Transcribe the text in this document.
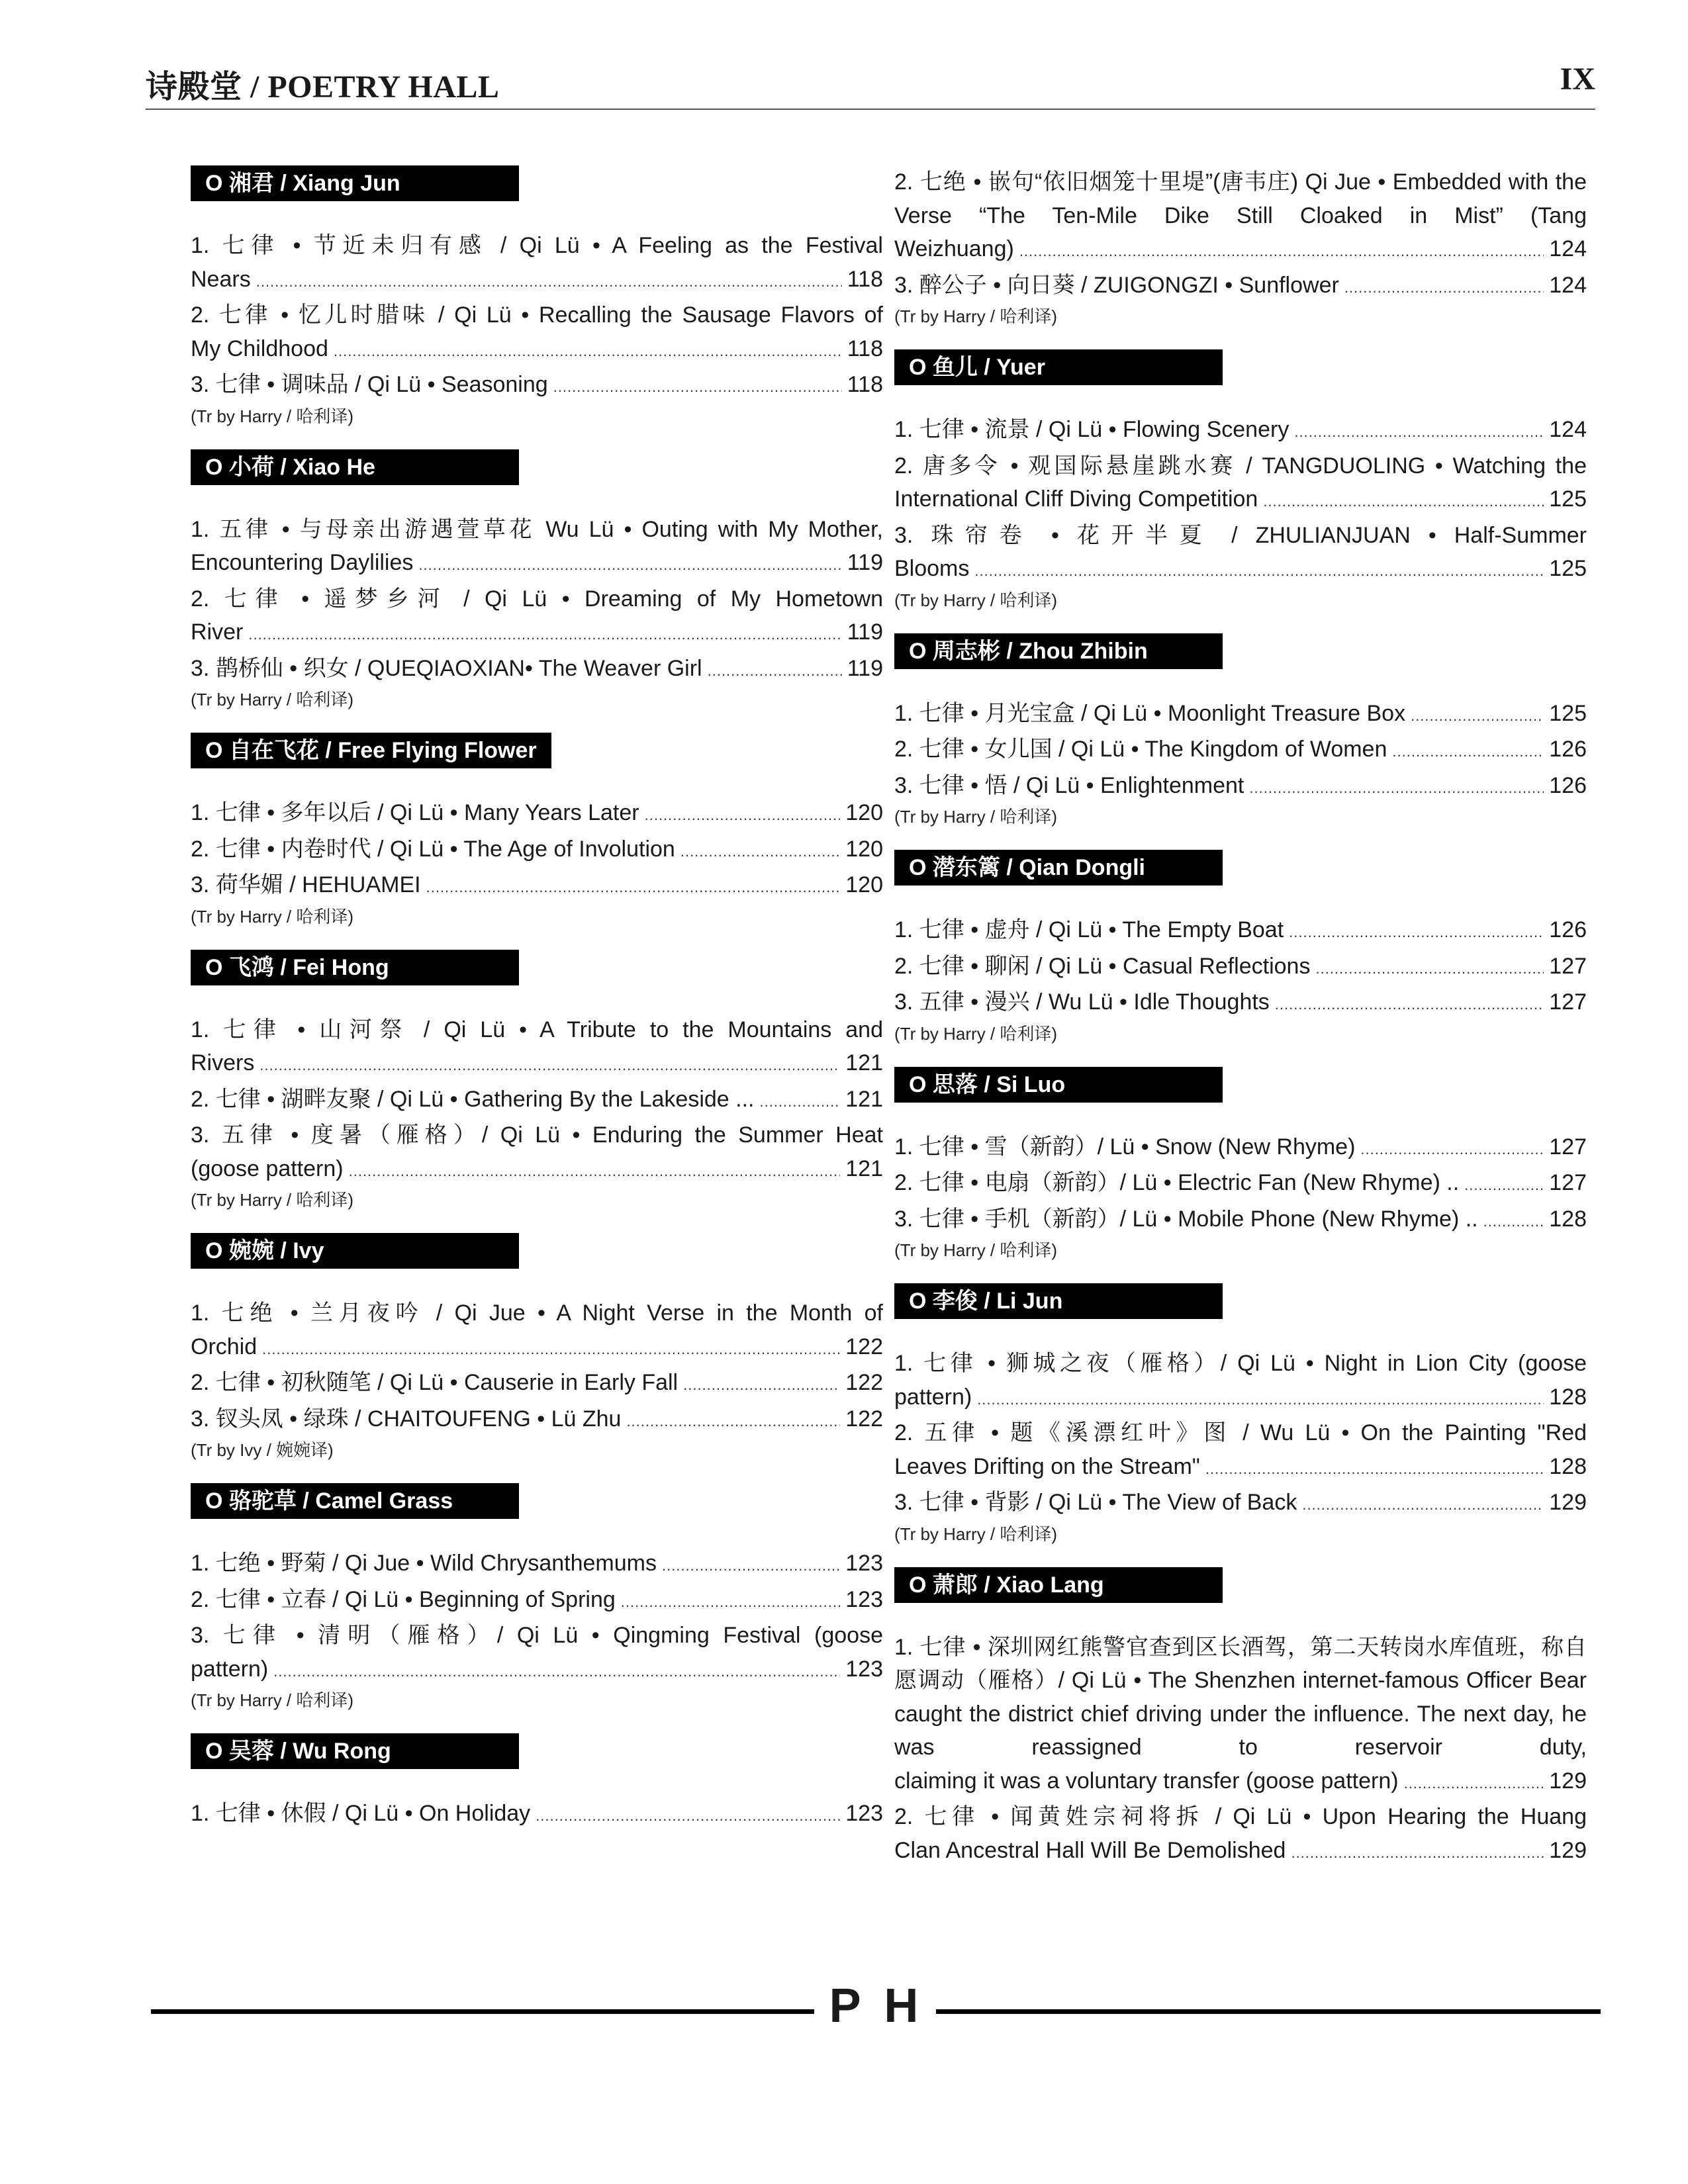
诗殿堂 / POETRY HALL	IX
O 湘君 / Xiang Jun
1. 七律 • 节近未归有感 / Qi Lü • A Feeling as the Festival
Nears .....	118
2. 七律 • 忆儿时腊味 / Qi Lü • Recalling the Sausage Flavors of
My Childhood .....	118
3. 七律 • 调味品 / Qi Lü • Seasoning .....	118
(Tr by Harry / 哈利译)
O 小荷 / Xiao He
1. 五律 • 与母亲出游遇萱草花 Wu Lü • Outing with My Mother,
Encountering Daylilies .....	119
2. 七律 • 遥梦乡河 / Qi Lü • Dreaming of My Hometown
River .....	119
3. 鹊桥仙 • 织女 / QUEQIAOXIAN• The Weaver Girl .....	119
(Tr by Harry / 哈利译)
O 自在飞花 / Free Flying Flower
1. 七律 • 多年以后 / Qi Lü • Many Years Later .....	120
2. 七律 • 内卷时代 / Qi Lü • The Age of Involution .....	120
3. 荷华媚 / HEHUAMEI .....	120
(Tr by Harry / 哈利译)
O 飞鸿 / Fei Hong
1. 七律 • 山河祭 / Qi Lü • A Tribute to the Mountains and
Rivers .....	121
2. 七律 • 湖畔友聚 / Qi Lü • Gathering By the Lakeside ... .....	121
3. 五律 • 度暑（雁格）/ Qi Lü • Enduring the Summer Heat
(goose pattern) .....	121
(Tr by Harry / 哈利译)
O 婉婉 / Ivy
1. 七绝 • 兰月夜吟 / Qi Jue • A Night Verse in the Month of
Orchid .....	122
2. 七律 • 初秋随笔 / Qi Lü • Causerie in Early Fall .....	122
3. 钗头凤 • 绿珠 / CHAITOUFENG • Lü Zhu .....	122
(Tr by Ivy / 婉婉译)
O 骆驼草 / Camel Grass
1. 七绝 • 野菊 / Qi Jue • Wild Chrysanthemums .....	123
2. 七律 • 立春 / Qi Lü • Beginning of Spring .....	123
3. 七律 • 清明（雁格）/ Qi Lü • Qingming Festival (goose
pattern) .....	123
(Tr by Harry / 哈利译)
O 吴蓉 / Wu Rong
1. 七律 • 休假 / Qi Lü • On Holiday .....	123
2. 七绝 • 嵌句“依旧烟笼十里堤”(唐韦庄) Qi Jue • Embedded with the Verse “The Ten-Mile Dike Still Cloaked in Mist” (Tang
Weizhuang) .....	124
3. 醉公子 • 向日葵 / ZUIGONGZI • Sunflower .....	124
(Tr by Harry / 哈利译)
O 鱼儿 / Yuer
1. 七律 • 流景 / Qi Lü • Flowing Scenery .....	124
2. 唐多令 • 观国际悬崖跳水赛 / TANGDUOLING • Watching the
International Cliff Diving Competition .....	125
3. 珠帘卷 • 花开半夏 / ZHULIANJUAN • Half-Summer
Blooms .....	125
(Tr by Harry / 哈利译)
O 周志彬 / Zhou Zhibin
1. 七律 • 月光宝盒 / Qi Lü • Moonlight Treasure Box .....	125
2. 七律 • 女儿国 / Qi Lü • The Kingdom of Women .....	126
3. 七律 • 悟 / Qi Lü • Enlightenment .....	126
(Tr by Harry / 哈利译)
O 潜东篱 / Qian Dongli
1. 七律 • 虚舟 / Qi Lü • The Empty Boat .....	126
2. 七律 • 聊闲 / Qi Lü • Casual Reflections .....	127
3. 五律 • 漫兴 / Wu Lü • Idle Thoughts .....	127
(Tr by Harry / 哈利译)
O 思落 / Si Luo
1. 七律 • 雪（新韵）/ Lü • Snow (New Rhyme) .....	127
2. 七律 • 电扇（新韵）/ Lü • Electric Fan (New Rhyme) .. .....	127
3. 七律 • 手机（新韵）/ Lü • Mobile Phone (New Rhyme) .. .....	128
(Tr by Harry / 哈利译)
O 李俊 / Li Jun
1. 七律 • 狮城之夜（雁格）/ Qi Lü • Night in Lion City (goose
pattern) .....	128
2. 五律 • 题《溪漂红叶》图 / Wu Lü • On the Painting "Red
Leaves Drifting on the Stream" .....	128
3. 七律 • 背影 / Qi Lü • The View of Back .....	129
(Tr by Harry / 哈利译)
O 萧郎 / Xiao Lang
1. 七律 • 深圳网红熊警官查到区长酒驾，第二天转岗水库值班，称自愿调动（雁格）/ Qi Lü • The Shenzhen internet-famous Officer Bear caught the district chief driving under the influence. The next day, he was reassigned to reservoir duty,
claiming it was a voluntary transfer (goose pattern) .....	129
2. 七律 • 闻黄姓宗祠将拆 / Qi Lü • Upon Hearing the Huang
Clan Ancestral Hall Will Be Demolished .....	129
P H
